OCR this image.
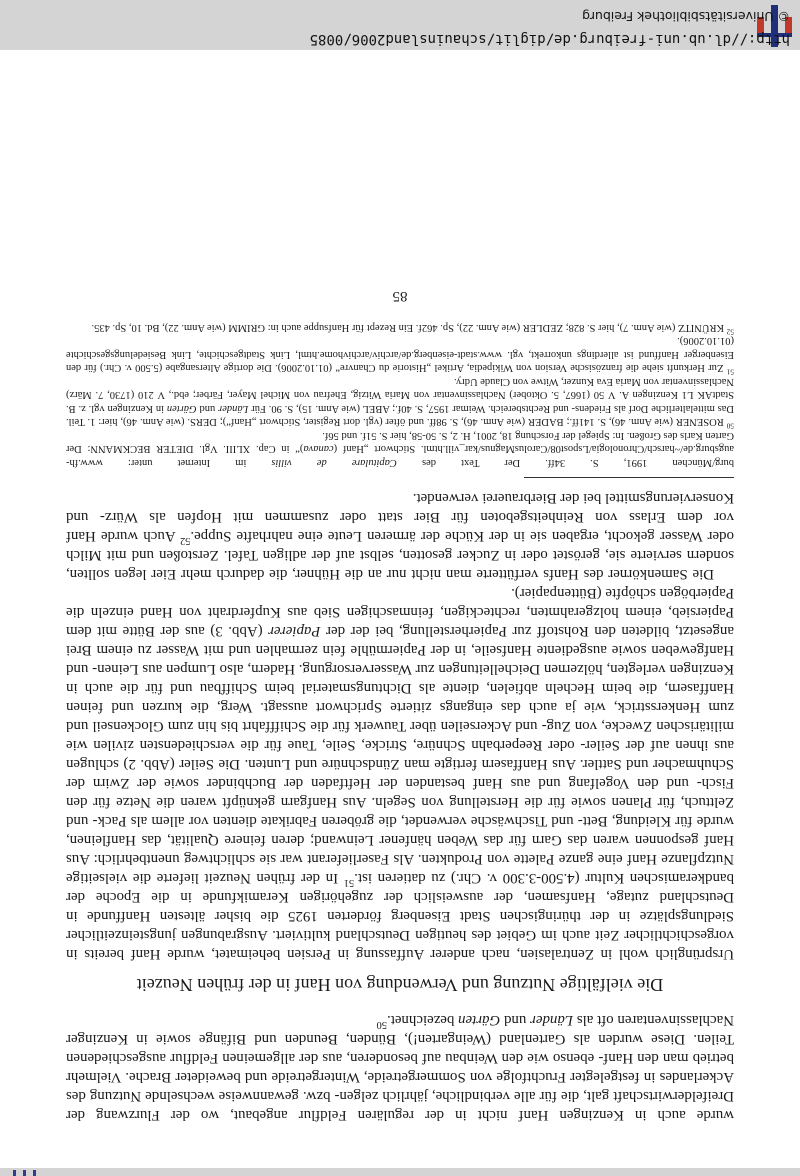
wurde auch in Kenzingen Hanf nicht in der regulären Feldflur angebaut, wo der Flurzwang der Dreifelderwirtschaft galt, die für alle verbindliche, jährlich zelgen- bzw. gewannweise wechselnde Nutzung des Ackerlandes in festgelegter Fruchtfolge von Sommergetreide, Wintergetreide und beweideter Brache. Vielmehr betrieb man den Hanf- ebenso wie den Weinbau auf besonderen, aus der allgemeinen Feldflur ausgeschiedenen Teilen. Diese wurden als Gartenland (Weingarten!), Bünden, Beunden und Bifänge sowie in Kenzinger Nachlassinventaren oft als Länder und Gärten bezeichnet.$^{50}$

Die vielfältige Nutzung und Verwendung von Hanf in der frühen Neuzeit

Ursprünglich wohl in Zentralasien, nach anderer Auffassung in Persien beheimatet, wurde Hanf bereits in vorgeschichtlicher Zeit auch im Gebiet des heutigen Deutschland kultiviert. Ausgrabungen jungsteinzeitlicher Siedlungsplätze in der thüringischen Stadt Eisenberg förderten 1925 die bisher ältesten Hanffunde in Deutschland zutage, Hanfsamen, der ausweislich der zugehörigen Keramikfunde in die Epoche der bandkeramischen Kultur (4.500-3.300 v. Chr.) zu datieren ist.$^{51}$ In der frühen Neuzeit lieferte die vielseitige Nutzpflanze Hanf eine ganze Palette von Produkten. Als Faserlieferant war sie schlichtweg unentbehrlich: Aus Hanf gesponnen waren das Garn für das Weben hänfener Leinwand; deren feinere Qualität, das Hanfleinen, wurde für Kleidung, Bett- und Tischwäsche verwendet, die gröberen Fabrikate dienten vor allem als Pack- und Zelttuch, für Planen sowie für die Herstellung von Segeln. Aus Hanfgarn geknüpft waren die Netze für den Fisch- und den Vogelfang und aus Hanf bestanden der Heftfaden der Buchbinder sowie der Zwirn der Schuhmacher und Sattler. Aus Hanffasern fertigte man Zündschnüre und Lunten. Die Seiler (Abb. 2) schlugen aus ihnen auf der Seiler- oder Reeperbahn Schnüre, Stricke, Seile, Taue für die verschiedensten zivilen wie militärischen Zwecke, von Zug- und Ackerseilen über Tauwerk für die Schifffahrt bis hin zum Glockenseil und zum Henkersstrick, wie ja auch das eingangs zitierte Sprichwort aussagt. Werg, die kurzen und feinen Hanffasern, die beim Hecheln abfielen, diente als Dichtungsmaterial beim Schiffbau und für die auch in Kenzingen verlegten, hölzernen Deichelleitungen zur Wasserversorgung. Hadern, also Lumpen aus Leinen- und Hanfgeweben sowie ausgediente Hanfseile, in der Papiermühle fein zermahlen und mit Wasser zu einem Brei angesetzt, bildeten den Rohstoff zur Papierherstellung, bei der der Papierer (Abb. 3) aus der Bütte mit dem Papiersieb, einem holzgerahmten, rechteckigen, feinmaschigen Sieb aus Kupferdraht von Hand einzeln die Papierbögen schöpfte (Büttenpapier).

Die Samenkörner des Hanfs verfütterte man nicht nur an die Hühner, die dadurch mehr Eier legen sollten, sondern servierte sie, geröstet oder in Zucker gesotten, selbst auf der adligen Tafel. Zerstoßen und mit Milch oder Wasser gekocht, ergaben sie in der Küche der ärmeren Leute eine nahrhafte Suppe.$^{52}$ Auch wurde Hanf vor dem Erlass von Reinheitsgeboten für Bier statt oder zusammen mit Hopfen als Würz- und Konservierungsmittel bei der Bierbrauerei verwendet.

burg/München 1991, S. 34ff. Der Text des Capitulare de villis im Internet unter: www.fh-augsburg.de/~harsch/Chronologia/Lspost08/CarolusMagnus/kar_vill.html. Stichwort „Hanf (canava)“ in Cap. XLIII. Vgl. DIETER BECKMANN: Der Garten Karls des Großen. In: Spiegel der Forschung 18, 2001, H. 2, S. 50-58, hier S. 51f. und 56f.

$^{50}$ ROSENER (wie Anm. 46), S. 141ff.; BADER (wie Anm. 46), S. 98ff. und öfter (vgl. dort Register, Stichwort „Hanf“); DERS. (wie Anm. 46), hier: 1. Teil. Das mittelalterliche Dorf als Friedens- und Rechtsbereich. Weimar 1957, S. 40f.; ABEL (wie Anm. 15), S. 90. Für Länder und Gärten in Kenzingen vgl. z. B. StadtAK L1 Kenzingen A. V 50 (1667, 5. Oktober) Nachlassinventar von Maria Witzig, Ehefrau von Michel Mayer, Färber; ebd., V 210 (1730, 7. März) Nachlassinventar von Maria Eva Kunzer, Witwe von Claude Udry.

$^{51}$ Zur Herkunft siehe die französische Version von Wikipedia, Artikel „Historie du Chanvre“ (01.10.2006). Die dortige Altersangabe (5.500 v. Chr.) für den Eisenberger Hanffund ist allerdings unkorrekt, vgl. www.stadt-eisenberg.de/archiv/archivhome.html, Link Stadtgeschichte, Link Besiedelungsgeschichte (01.10.2006).

$^{52}$ KRÜNITZ (wie Anm. 7), hier S. 828; ZEDLER (wie Anm. 22), Sp. 462f. Ein Rezept für Hanfsuppe auch in: GRIMM (wie Anm. 22), Bd. 10, Sp. 435.

85
http://dl.ub.uni-freiburg.de/diglit/schauinsland2006/0085
© Universitätsbibliothek Freiburg
